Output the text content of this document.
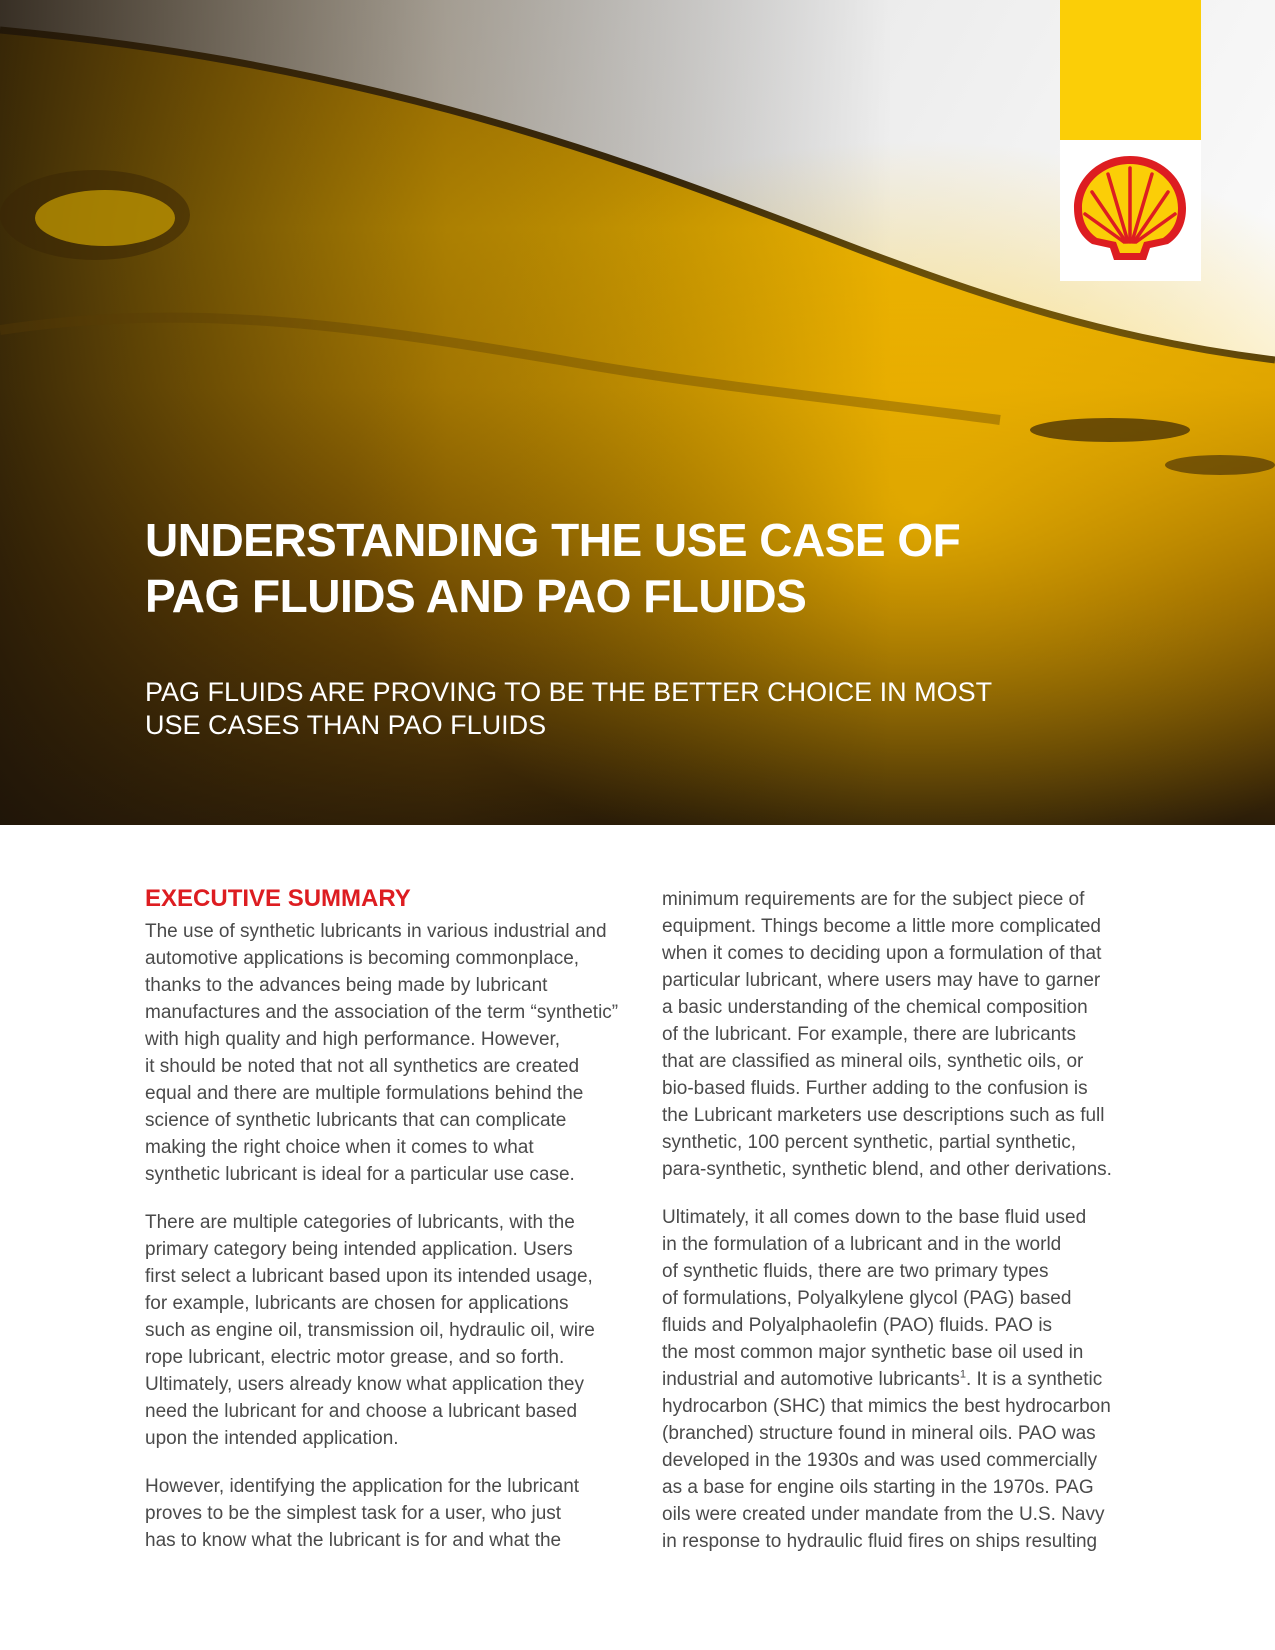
UNDERSTANDING THE USE CASE OF
PAG FLUIDS AND PAO FLUIDS
PAG FLUIDS ARE PROVING TO BE THE BETTER CHOICE IN MOST
USE CASES THAN PAO FLUIDS
EXECUTIVE SUMMARY

The use of synthetic lubricants in various industrial and
automotive applications is becoming commonplace,
thanks to the advances being made by lubricant
manufactures and the association of the term “synthetic”
with high quality and high performance. However,
it should be noted that not all synthetics are created
equal and there are multiple formulations behind the
science of synthetic lubricants that can complicate
making the right choice when it comes to what
synthetic lubricant is ideal for a particular use case.

There are multiple categories of lubricants, with the
primary category being intended application. Users
first select a lubricant based upon its intended usage,
for example, lubricants are chosen for applications
such as engine oil, transmission oil, hydraulic oil, wire
rope lubricant, electric motor grease, and so forth.
Ultimately, users already know what application they
need the lubricant for and choose a lubricant based
upon the intended application.

However, identifying the application for the lubricant
proves to be the simplest task for a user, who just
has to know what the lubricant is for and what the

minimum requirements are for the subject piece of
equipment. Things become a little more complicated
when it comes to deciding upon a formulation of that
particular lubricant, where users may have to garner
a basic understanding of the chemical composition
of the lubricant. For example, there are lubricants
that are classified as mineral oils, synthetic oils, or
bio-based fluids. Further adding to the confusion is
the Lubricant marketers use descriptions such as full
synthetic, 100 percent synthetic, partial synthetic,
para-synthetic, synthetic blend, and other derivations.

Ultimately, it all comes down to the base fluid used
in the formulation of a lubricant and in the world
of synthetic fluids, there are two primary types
of formulations, Polyalkylene glycol (PAG) based
fluids and Polyalphaolefin (PAO) fluids. PAO is
the most common major synthetic base oil used in
industrial and automotive lubricants$^1$. It is a synthetic
hydrocarbon (SHC) that mimics the best hydrocarbon
(branched) structure found in mineral oils. PAO was
developed in the 1930s and was used commercially
as a base for engine oils starting in the 1970s. PAG
oils were created under mandate from the U.S. Navy
in response to hydraulic fluid fires on ships resulting
